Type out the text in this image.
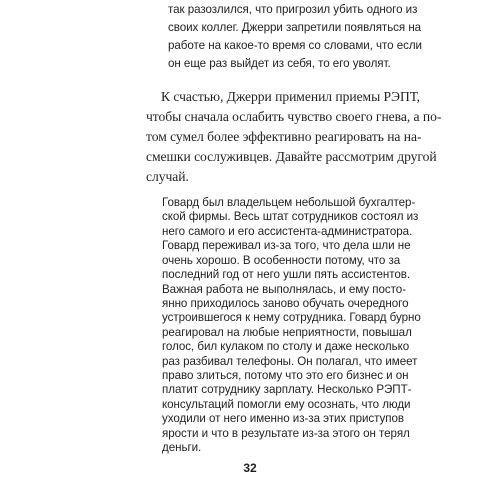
так разозлился, что пригрозил убить одного из

своих коллег. Джерри запретили появляться на

работе на какое-то время со словами, что если

он еще раз выйдет из себя, то его уволят.

К счастью, Джерри применил приемы РЭПТ,

чтобы сначала ослабить чувство своего гнева, а по-

том сумел более эффективно реагировать на на-

смешки сослуживцев. Давайте рассмотрим другой

случай.

Говард был владельцем небольшой бухгалтер-

ской фирмы. Весь штат сотрудников состоял из

него самого и его ассистента-администратора.

Говард переживал из-за того, что дела шли не

очень хорошо. В особенности потому, что за

последний год от него ушли пять ассистентов.

Важная работа не выполнялась, и ему посто-

янно приходилось заново обучать очередного

устроившегося к нему сотрудника. Говард бурно

реагировал на любые неприятности, повышал

голос, бил кулаком по столу и даже несколько

раз разбивал телефоны. Он полагал, что имеет

право злиться, потому что это его бизнес и он

платит сотруднику зарплату. Несколько РЭПТ-

консультаций помогли ему осознать, что люди

уходили от него именно из-за этих приступов

ярости и что в результате из-за этого он терял

деньги.

32
